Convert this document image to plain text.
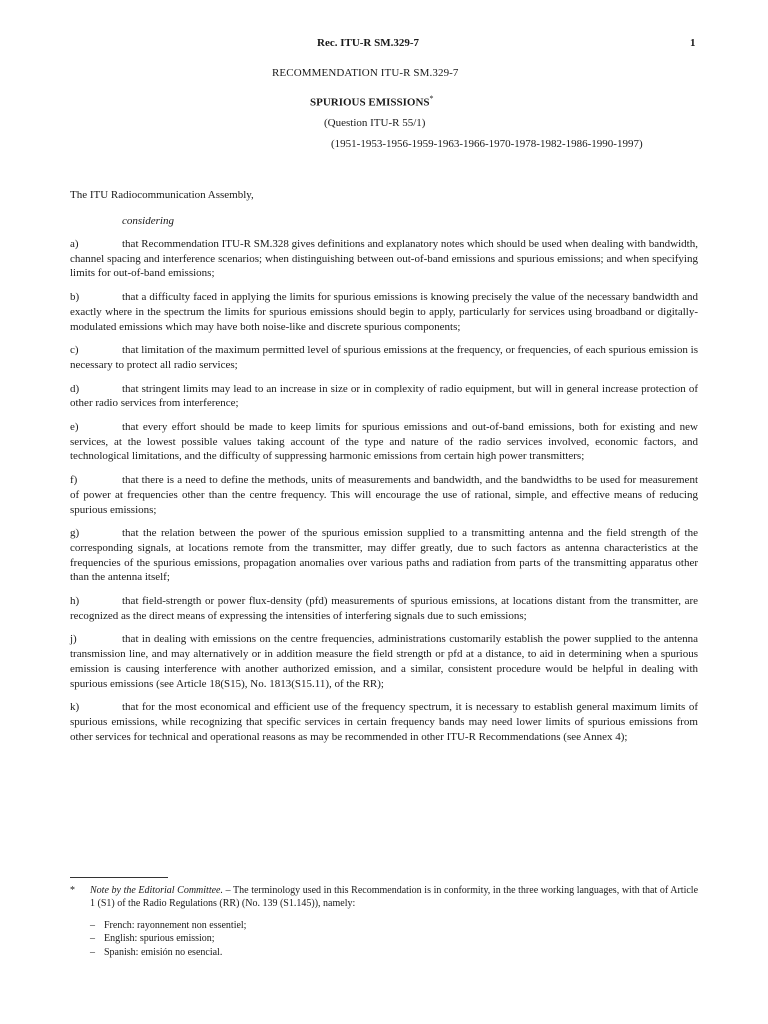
Rec. ITU-R SM.329-7	1
RECOMMENDATION ITU-R SM.329-7
SPURIOUS EMISSIONS*
(Question ITU-R 55/1)
(1951-1953-1956-1959-1963-1966-1970-1978-1982-1986-1990-1997)
The ITU Radiocommunication Assembly,
considering

a)	that Recommendation ITU-R SM.328 gives definitions and explanatory notes which should be used when dealing with bandwidth, channel spacing and interference scenarios; when distinguishing between out-of-band emissions and spurious emissions; and when specifying limits for out-of-band emissions;

b)	that a difficulty faced in applying the limits for spurious emissions is knowing precisely the value of the necessary bandwidth and exactly where in the spectrum the limits for spurious emissions should begin to apply, particularly for services using broadband or digitally-modulated emissions which may have both noise-like and discrete spurious components;

c)	that limitation of the maximum permitted level of spurious emissions at the frequency, or frequencies, of each spurious emission is necessary to protect all radio services;

d)	that stringent limits may lead to an increase in size or in complexity of radio equipment, but will in general increase protection of other radio services from interference;

e)	that every effort should be made to keep limits for spurious emissions and out-of-band emissions, both for existing and new services, at the lowest possible values taking account of the type and nature of the radio services involved, economic factors, and technological limitations, and the difficulty of suppressing harmonic emissions from certain high power transmitters;

f)	that there is a need to define the methods, units of measurements and bandwidth, and the bandwidths to be used for measurement of power at frequencies other than the centre frequency. This will encourage the use of rational, simple, and effective means of reducing spurious emissions;

g)	that the relation between the power of the spurious emission supplied to a transmitting antenna and the field strength of the corresponding signals, at locations remote from the transmitter, may differ greatly, due to such factors as antenna characteristics at the frequencies of the spurious emissions, propagation anomalies over various paths and radiation from parts of the transmitting apparatus other than the antenna itself;

h)	that field-strength or power flux-density (pfd) measurements of spurious emissions, at locations distant from the transmitter, are recognized as the direct means of expressing the intensities of interfering signals due to such emissions;

j)	that in dealing with emissions on the centre frequencies, administrations customarily establish the power supplied to the antenna transmission line, and may alternatively or in addition measure the field strength or pfd at a distance, to aid in determining when a spurious emission is causing interference with another authorized emission, and a similar, consistent procedure would be helpful in dealing with spurious emissions (see Article 18(S15), No. 1813(S15.11), of the RR);

k)	that for the most economical and efficient use of the frequency spectrum, it is necessary to establish general maximum limits of spurious emissions, while recognizing that specific services in certain frequency bands may need lower limits of spurious emissions from other services for technical and operational reasons as may be recommended in other ITU-R Recommendations (see Annex 4);

* Note by the Editorial Committee. – The terminology used in this Recommendation is in conformity, in the three working languages, with that of Article 1 (S1) of the Radio Regulations (RR) (No. 139 (S1.145)), namely:
– French: rayonnement non essentiel;
– English: spurious emission;
– Spanish: emisión no esencial.
